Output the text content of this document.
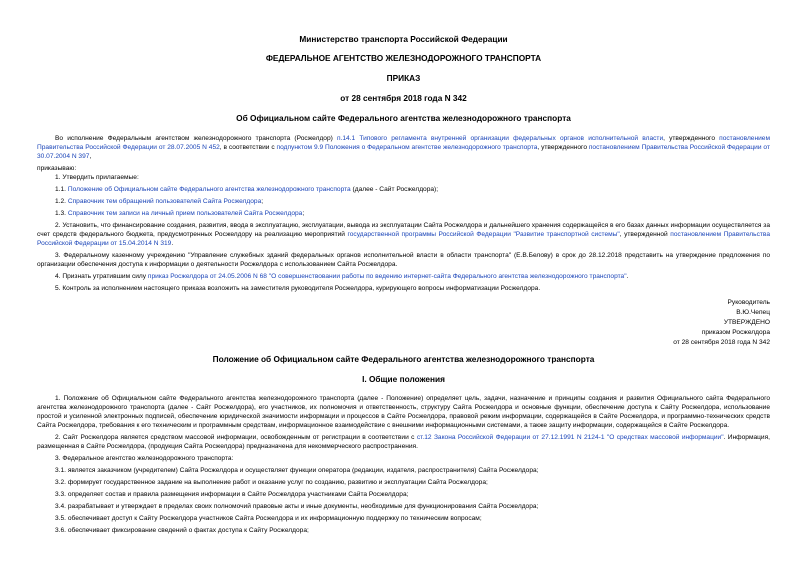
Министерство транспорта Российской Федерации
ФЕДЕРАЛЬНОЕ АГЕНТСТВО ЖЕЛЕЗНОДОРОЖНОГО ТРАНСПОРТА
ПРИКАЗ
от 28 сентября 2018 года N 342
Об Официальном сайте Федерального агентства железнодорожного транспорта

Во исполнение Федеральным агентством железнодорожного транспорта (Росжелдор) п.14.1 Типового регламента внутренней организации федеральных органов исполнительной власти, утвержденного постановлением Правительства Российской Федерации от 28.07.2005 N 452, в соответствии с подпунктом 9.9 Положения о Федеральном агентстве железнодорожного транспорта, утвержденного постановлением Правительства Российской Федерации от 30.07.2004 N 397,

приказываю:

1. Утвердить прилагаемые:

1.1. Положение об Официальном сайте Федерального агентства железнодорожного транспорта (далее - Сайт Росжелдора);

1.2. Справочник тем обращений пользователей Сайта Росжелдора;

1.3. Справочник тем записи на личный прием пользователей Сайта Росжелдора;

2. Установить, что финансирование создания, развития, ввода в эксплуатацию, эксплуатации, вывода из эксплуатации Сайта Росжелдора и дальнейшего хранения содержащейся в его базах данных информации осуществляется за счет средств федерального бюджета, предусмотренных Росжелдору на реализацию мероприятий государственной программы Российской Федерации "Развитие транспортной системы", утвержденной постановлением Правительства Российской Федерации от 15.04.2014 N 319.

3. Федеральному казенному учреждению "Управление служебных зданий федеральных органов исполнительной власти в области транспорта" (Е.В.Белову) в срок до 28.12.2018 представить на утверждение предложения по организации обеспечения доступа к информации о деятельности Росжелдора с использованием Сайта Росжелдора.

4. Признать утратившим силу приказ Росжелдора от 24.05.2006 N 68 "О совершенствовании работы по ведению интернет-сайта Федерального агентства железнодорожного транспорта".

5. Контроль за исполнением настоящего приказа возложить на заместителя руководителя Росжелдора, курирующего вопросы информатизации Росжелдора.

Руководитель

В.Ю.Чепец

УТВЕРЖДЕНО

приказом Росжелдора

от 28 сентября 2018 года N 342

Положение об Официальном сайте Федерального агентства железнодорожного транспорта
I. Общие положения

1. Положение об Официальном сайте Федерального агентства железнодорожного транспорта (далее - Положение) определяет цель, задачи, назначение и принципы создания и развития Официального сайта Федерального агентства железнодорожного транспорта (далее - Сайт Росжелдора), его участников, их полномочия и ответственность, структуру Сайта Росжелдора и основные функции, обеспечение доступа к Сайту Росжелдора, использование простой и усиленной электронных подписей, обеспечение юридической значимости информации и процессов в Сайте Росжелдора, правовой режим информации, содержащейся в Сайте Росжелдора, и программно-технических средств Сайта Росжелдора, требования к его техническим и программным средствам, информационное взаимодействие с внешними информационными системами, а также защиту информации, содержащейся в Сайте Росжелдора.

2. Сайт Росжелдора является средством массовой информации, освобожденным от регистрации в соответствии с ст.12 Закона Российской Федерации от 27.12.1991 N 2124-1 "О средствах массовой информации". Информация, размещенная в Сайте Росжелдора, (продукция Сайта Росжелдора) предназначена для некоммерческого распространения.

3. Федеральное агентство железнодорожного транспорта:

3.1. является заказчиком (учредителем) Сайта Росжелдора и осуществляет функции оператора (редакции, издателя, распространителя) Сайта Росжелдора;

3.2. формирует государственное задание на выполнение работ и оказание услуг по созданию, развитию и эксплуатации Сайта Росжелдора;

3.3. определяет состав и правила размещения информации в Сайте Росжелдора участниками Сайта Росжелдора;

3.4. разрабатывает и утверждает в пределах своих полномочий правовые акты и иные документы, необходимые для функционирования Сайта Росжелдора;

3.5. обеспечивает доступ к Сайту Росжелдора участников Сайта Росжелдора и их информационную поддержку по техническим вопросам;

3.6. обеспечивает фиксирование сведений о фактах доступа к Сайту Росжелдора;
